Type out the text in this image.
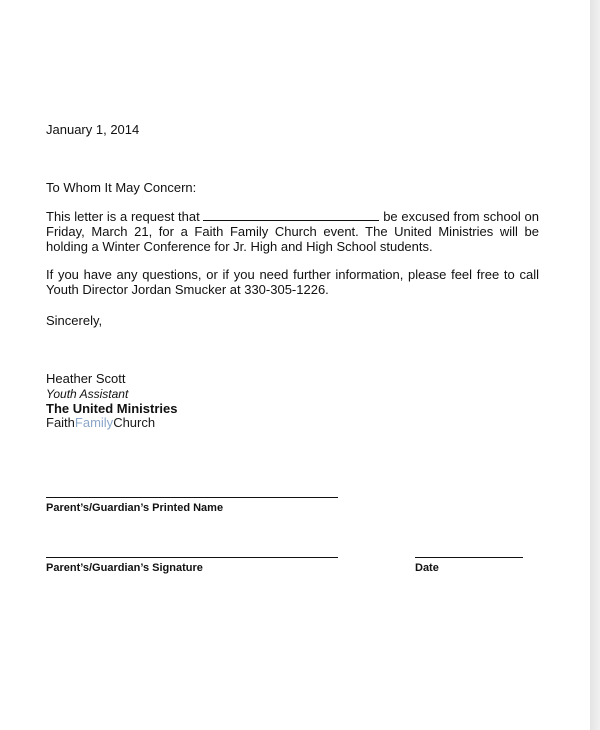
January 1, 2014
To Whom It May Concern:
This letter is a request that	be excused from school on Friday, March 21, for a Faith Family Church event. The United Ministries will be holding a Winter Conference for Jr. High and High School students.
If you have any questions, or if you need further information, please feel free to call Youth Director Jordan Smucker at 330-305-1226.
Sincerely,
Heather Scott
Youth Assistant
The United Ministries
FaithFamilyChurch
Parent’s/Guardian’s Printed Name
Parent’s/Guardian’s Signature	Date
